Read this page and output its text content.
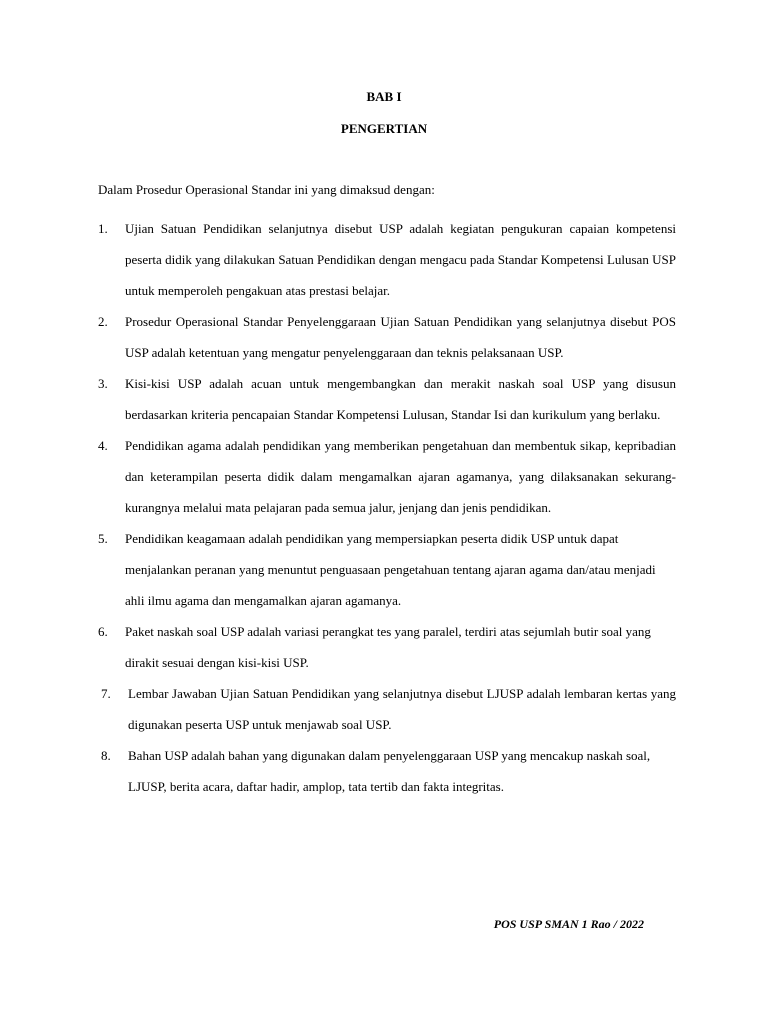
BAB I
PENGERTIAN
Dalam Prosedur Operasional Standar ini yang dimaksud dengan:
1.	Ujian Satuan Pendidikan selanjutnya disebut USP adalah kegiatan pengukuran capaian kompetensi peserta didik yang dilakukan Satuan Pendidikan dengan mengacu pada Standar Kompetensi Lulusan USP untuk memperoleh pengakuan atas prestasi belajar.
2.	Prosedur Operasional Standar Penyelenggaraan Ujian Satuan Pendidikan yang selanjutnya disebut POS USP adalah ketentuan yang mengatur penyelenggaraan dan teknis pelaksanaan USP.
3.	Kisi-kisi USP adalah acuan untuk mengembangkan dan merakit naskah soal USP yang disusun berdasarkan kriteria pencapaian Standar Kompetensi Lulusan, Standar Isi dan kurikulum yang berlaku.
4.	Pendidikan agama adalah pendidikan yang memberikan pengetahuan dan membentuk sikap, kepribadian dan keterampilan peserta didik dalam mengamalkan ajaran agamanya, yang dilaksanakan sekurang-kurangnya melalui mata pelajaran pada semua jalur, jenjang dan jenis pendidikan.
5.	Pendidikan keagamaan adalah pendidikan yang mempersiapkan peserta didik USP untuk dapat menjalankan peranan yang menuntut penguasaan pengetahuan tentang ajaran agama dan/atau menjadi ahli ilmu agama dan mengamalkan ajaran agamanya.
6.	Paket naskah soal USP adalah variasi perangkat tes yang paralel, terdiri atas sejumlah butir soal yang dirakit sesuai dengan kisi-kisi USP.
7.	Lembar Jawaban Ujian Satuan Pendidikan yang selanjutnya disebut LJUSP adalah lembaran kertas yang digunakan peserta USP untuk menjawab soal USP.
8.	Bahan USP adalah bahan yang digunakan dalam penyelenggaraan USP yang mencakup naskah soal, LJUSP, berita acara, daftar hadir, amplop, tata tertib dan fakta integritas.
POS USP SMAN 1 Rao / 2022
